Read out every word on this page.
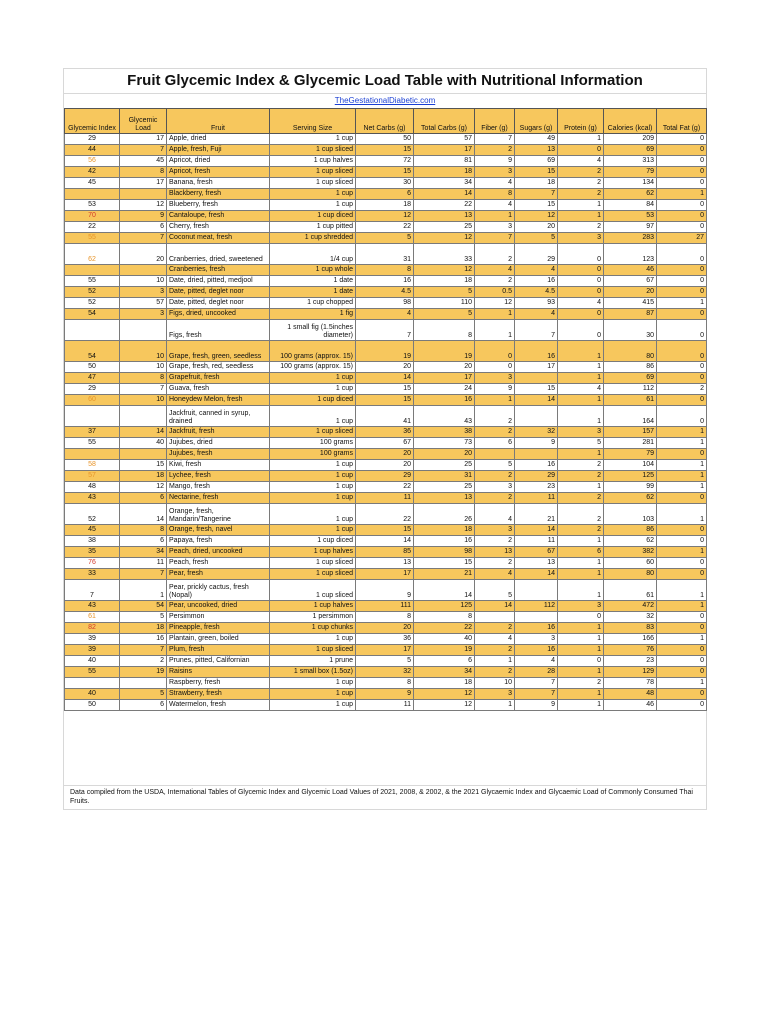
Fruit Glycemic Index & Glycemic Load Table with Nutritional Information
TheGestationalDiabetic.com
Glycemic Index	Glycemic Load	Fruit	Serving Size	Net Carbs (g)	Total Carbs (g)	Fiber (g)	Sugars (g)	Protein (g)	Calories (kcal)	Total Fat (g)
29	17	Apple, dried	1 cup	50	57	7	49	1	209	0
44	7	Apple, fresh, Fuji	1 cup sliced	15	17	2	13	0	69	0
56	45	Apricot, dried	1 cup halves	72	81	9	69	4	313	0
42	8	Apricot, fresh	1 cup sliced	15	18	3	15	2	79	0
45	17	Banana, fresh	1 cup sliced	30	34	4	18	2	134	0
		Blackberry, fresh	1 cup	6	14	8	7	2	62	1
53	12	Blueberry, fresh	1 cup	18	22	4	15	1	84	0
70	9	Cantaloupe, fresh	1 cup diced	12	13	1	12	1	53	0
22	6	Cherry, fresh	1 cup pitted	22	25	3	20	2	97	0
55	7	Coconut meat, fresh	1 cup shredded	5	12	7	5	3	283	27
62	20	Cranberries, dried, sweetened	1/4 cup	31	33	2	29	0	123	0
		Cranberries, fresh	1 cup whole	8	12	4	4	0	46	0
55	10	Date, dried, pitted, medjool	1 date	16	18	2	16	0	67	0
52	3	Date, pitted, deglet noor	1 date	4.5	5	0.5	4.5	0	20	0
52	57	Date, pitted, deglet noor	1 cup chopped	98	110	12	93	4	415	1
54	3	Figs, dried, uncooked	1 fig	4	5	1	4	0	87	0
		Figs, fresh	1 small fig (1.5inches diameter)	7	8	1	7	0	30	0
54	10	Grape, fresh, green, seedless	100 grams (approx. 15)	19	19	0	16	1	80	0
50	10	Grape, fresh, red, seedless	100 grams (approx. 15)	20	20	0	17	1	86	0
47	8	Grapefruit, fresh	1 cup	14	17	3		1	69	0
29	7	Guava, fresh	1 cup	15	24	9	15	4	112	2
60	10	Honeydew Melon, fresh	1 cup diced	15	16	1	14	1	61	0
		Jackfruit, canned in syrup, drained	1 cup	41	43	2		1	164	0
37	14	Jackfruit, fresh	1 cup sliced	36	38	2	32	3	157	1
55	40	Jujubes, dried	100 grams	67	73	6	9	5	281	1
		Jujubes, fresh	100 grams	20	20			1	79	0
58	15	Kiwi, fresh	1 cup	20	25	5	16	2	104	1
57	18	Lychee, fresh	1 cup	29	31	2	29	2	125	1
48	12	Mango, fresh	1 cup	22	25	3	23	1	99	1
43	6	Nectarine, fresh	1 cup	11	13	2	11	2	62	0
52	14	Orange, fresh, Mandarin/Tangerine	1 cup	22	26	4	21	2	103	1
45	8	Orange, fresh, navel	1 cup	15	18	3	14	2	86	0
38	6	Papaya, fresh	1 cup diced	14	16	2	11	1	62	0
35	34	Peach, dried, uncooked	1 cup halves	85	98	13	67	6	382	1
76	11	Peach, fresh	1 cup sliced	13	15	2	13	1	60	0
33	7	Pear, fresh	1 cup sliced	17	21	4	14	1	80	0
7	1	Pear, prickly cactus, fresh (Nopal)	1 cup sliced	9	14	5		1	61	1
43	54	Pear, uncooked, dried	1 cup halves	111	125	14	112	3	472	1
61	5	Persimmon	1 persimmon	8	8			0	32	0
82	18	Pineapple, fresh	1 cup chunks	20	22	2	16	1	83	0
39	16	Plantain, green, boiled	1 cup	36	40	4	3	1	166	1
39	7	Plum, fresh	1 cup sliced	17	19	2	16	1	76	0
40	2	Prunes, pitted, Californian	1 prune	5	6	1	4	0	23	0
55	19	Raisins	1 small box (1.5oz)	32	34	2	28	1	129	0
		Raspberry, fresh	1 cup	8	18	10	7	2	78	1
40	5	Strawberry, fresh	1 cup	9	12	3	7	1	48	0
50	6	Watermelon, fresh	1 cup	11	12	1	9	1	46	0
Data compiled from the USDA, International Tables of Glycemic Index and Glycemic Load Values of 2021, 2008, & 2002, & the 2021 Glycaemic Index and Glycaemic Load of Commonly Consumed Thai Fruits.
